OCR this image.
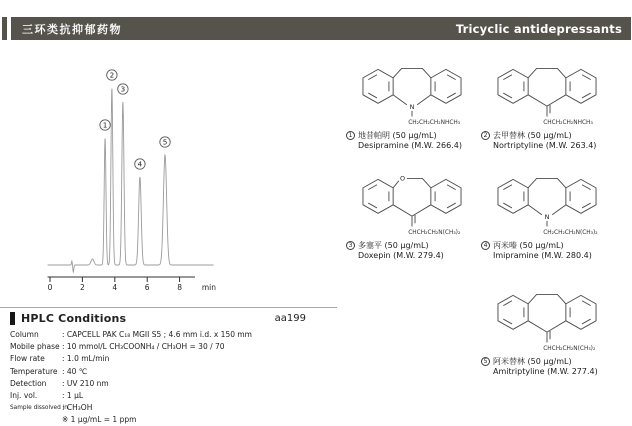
三环类抗抑郁药物	Tricyclic antidepressants
0	2	4	6	8	min
1
2
3
4
5
N
CH₂CH₂CH₂NHCH₃
1 地昔帕明 (50 μg/mL)
Desipramine (M.W. 266.4)
CHCH₂CH₂NHCH₃
2 去甲替林 (50 μg/mL)
Nortriptyline (M.W. 263.4)
O
CHCH₂CH₂N(CH₃)₂
3 多塞平 (50 μg/mL)
Doxepin (M.W. 279.4)
N
CH₂CH₂CH₂N(CH₃)₂
4 丙米嗪 (50 μg/mL)
Imipramine (M.W. 280.4)
CHCH₂CH₂N(CH₃)₂
5 阿米替林 (50 μg/mL)
Amitriptyline (M.W. 277.4)
HPLC Conditions	aa199
Column	: CAPCELL PAK C₁₈ MGII S5 ; 4.6 mm i.d. x 150 mm
Mobile phase : 10 mmol/L CH₃COONH₄ / CH₃OH = 30 / 70
Flow rate	: 1.0 mL/min
Temperature : 40 ℃
Detection	: UV 210 nm
Inj. vol.	: 1 μL
Sample dissolved in
: CH₃OH
※ 1 μg/mL = 1 ppm
